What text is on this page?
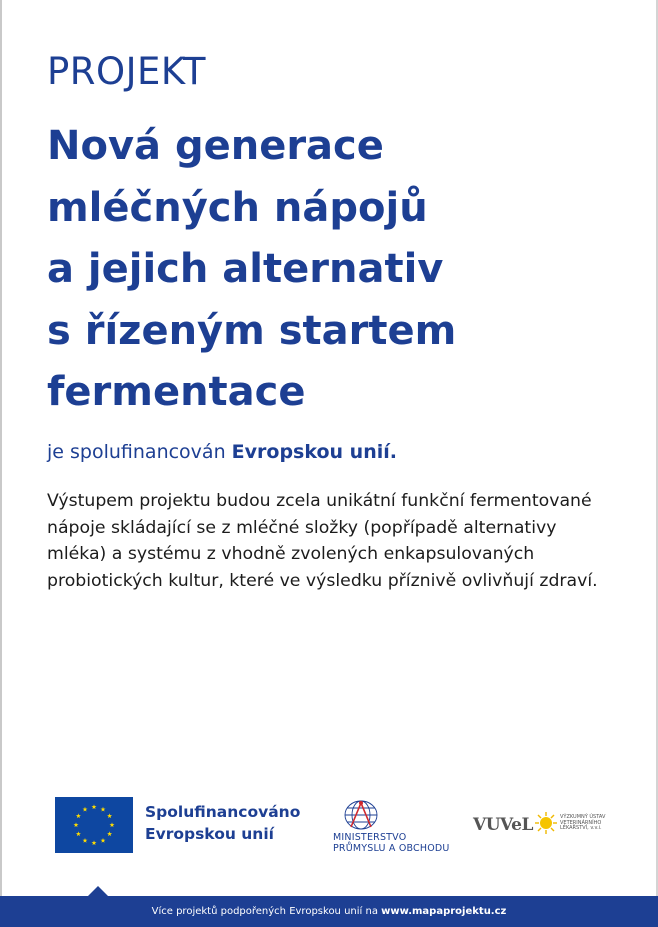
PROJEKT
Nová generace
mléčných nápojů
a jejich alternativ
s řízeným startem
fermentace

je spolufinancován Evropskou unií.

Výstupem projektu budou zcela unikátní funkční fermentované
nápoje skládající se z mléčné složky (popřípadě alternativy
mléka) a systému z vhodně zvolených enkapsulovaných
probiotických kultur, které ve výsledku příznivě ovlivňují zdraví.

Spolufinancováno
Evropskou unií	MINISTERSTVO
PRŮMYSLU A OBCHODU

VUVeL	VÝZKUMNÝ ÚSTAV
VETERINÁRNÍHO
LÉKAŘSTVÍ, v.v.i.

Více projektů podpořených Evropskou unií na www.mapaprojektu.cz
